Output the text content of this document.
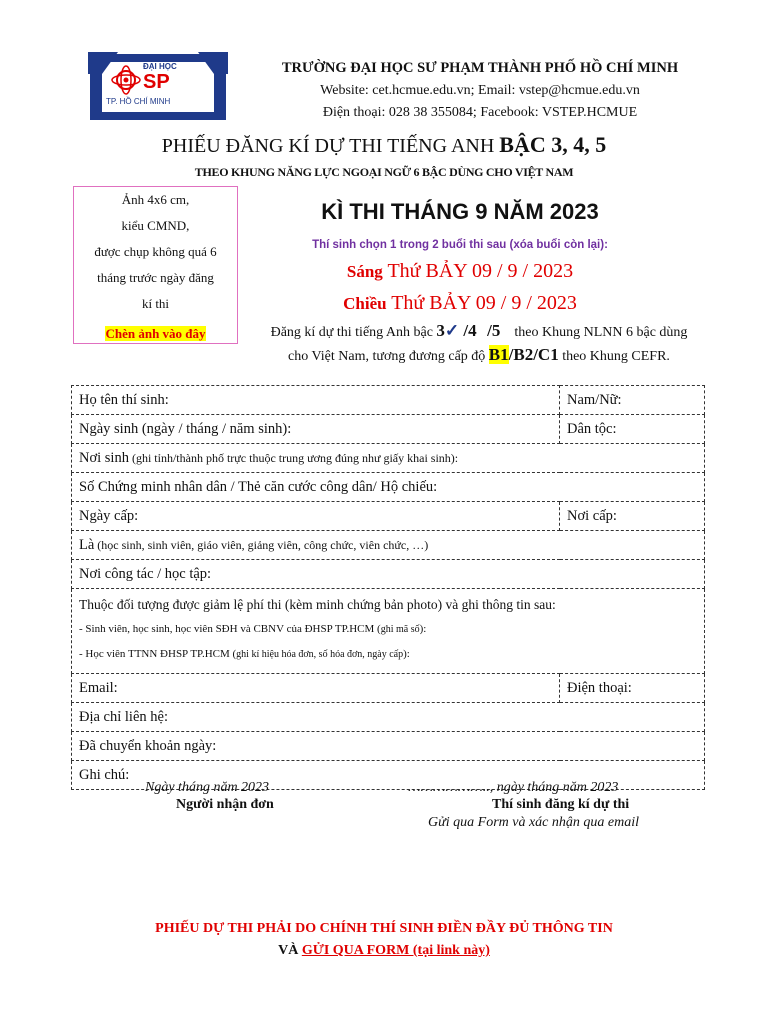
ĐẠI HỌC
SP
TP. HỒ CHÍ MINH
TRƯỜNG ĐẠI HỌC SƯ PHẠM THÀNH PHỐ HỒ CHÍ MINH
Website: cet.hcmue.edu.vn; Email: vstep@hcmue.edu.vn
Điện thoại: 028 38 355084; Facebook: VSTEP.HCMUE
PHIẾU ĐĂNG KÍ DỰ THI TIẾNG ANH BẬC 3, 4, 5
THEO KHUNG NĂNG LỰC NGOẠI NGỮ 6 BẬC DÙNG CHO VIỆT NAM
Ảnh 4x6 cm,
kiểu CMND,
được chụp không quá 6
tháng trước ngày đăng
kí thi
Chèn ảnh vào đây
KÌ THI THÁNG 9 NĂM 2023
Thí sinh chọn 1 trong 2 buổi thi sau (xóa buổi còn lại):
Sáng Thứ BẢY 09 / 9 / 2023
Chiều Thứ BẢY 09 / 9 / 2023
Đăng kí dự thi tiếng Anh bậc 3✓ /4 /5    theo Khung NLNN 6 bậc dùng
cho Việt Nam, tương đương cấp độ B1/B2/C1 theo Khung CEFR.
Họ tên thí sinh:	Nam/Nữ:
Ngày sinh (ngày / tháng / năm sinh):	Dân tộc:
Nơi sinh (ghi tỉnh/thành phố trực thuộc trung ương đúng như giấy khai sinh):	
Số Chứng minh nhân dân / Thẻ căn cước công dân/ Hộ chiếu:	
Ngày cấp:	Nơi cấp:
Là (học sinh, sinh viên, giáo viên, giảng viên, công chức, viên chức, …)	
Nơi công tác / học tập:	

Thuộc đối tượng được giảm lệ phí thi (kèm minh chứng bản photo) và ghi thông tin sau:
- Sinh viên, học sinh, học viên SĐH và CBNV của ĐHSP TP.HCM (ghi mã số):
- Học viên TTNN ĐHSP TP.HCM (ghi kí hiệu hóa đơn, số hóa đơn, ngày cấp):	

Email:	Điện thoại:
Địa chỉ liên hệ:	
Đã chuyển khoản ngày:	
Ghi chú:	
Ngày tháng năm 2023
Người nhận đơn
……………….., ngày tháng năm 2023
Thí sinh đăng kí dự thi
Gửi qua Form và xác nhận qua email
PHIẾU DỰ THI PHẢI DO CHÍNH THÍ SINH ĐIỀN ĐẦY ĐỦ THÔNG TIN
VÀ GỬI QUA FORM (tại link này)
